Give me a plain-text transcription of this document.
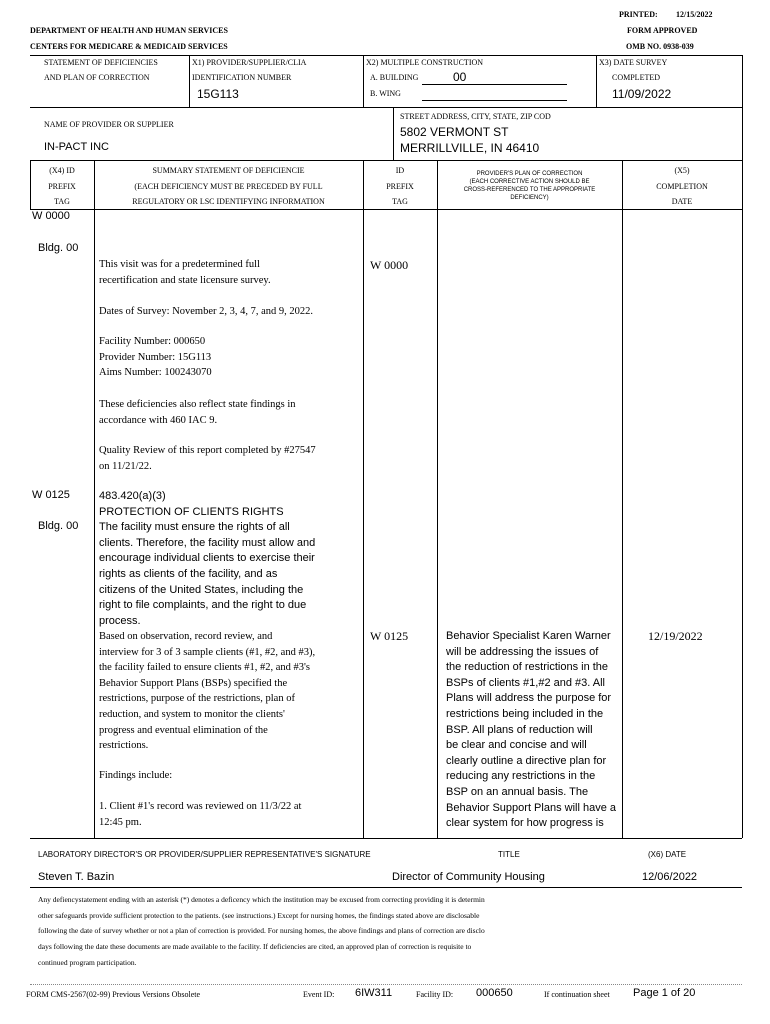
PRINTED: 12/15/2022
DEPARTMENT OF HEALTH AND HUMAN SERVICES	FORM APPROVED
CENTERS FOR MEDICARE & MEDICAID SERVICES	OMB NO. 0938-039
STATEMENT OF DEFICIENCIES
AND PLAN OF CORRECTION
X1) PROVIDER/SUPPLIER/CLIA
IDENTIFICATION NUMBER
15G113
X2) MULTIPLE CONSTRUCTION
A. BUILDING	00
B. WING
X3) DATE SURVEY
COMPLETED
11/09/2022
NAME OF PROVIDER OR SUPPLIER
IN-PACT INC
STREET ADDRESS, CITY, STATE, ZIP COD
5802 VERMONT ST
MERRILLVILLE, IN 46410
(X4) ID
PREFIX
TAG
SUMMARY STATEMENT OF DEFICIENCIE
(EACH DEFICIENCY MUST BE PRECEDED BY FULL
REGULATORY OR LSC IDENTIFYING INFORMATION
ID
PREFIX
TAG
PROVIDER'S PLAN OF CORRECTION
(EACH CORRECTIVE ACTION SHOULD BE
CROSS-REFERENCED TO THE APPROPRIATE
DEFICIENCY)
(X5)
COMPLETION
DATE
W 0000
Bldg. 00
This visit was for a predetermined full
recertification and state licensure survey.
Dates of Survey: November 2, 3, 4, 7, and 9, 2022.
Facility Number: 000650
Provider Number: 15G113
Aims Number: 100243070
These deficiencies also reflect state findings in
accordance with 460 IAC 9.
Quality Review of this report completed by #27547
on 11/21/22.
W 0000
W 0125
Bldg. 00
483.420(a)(3)
PROTECTION OF CLIENTS RIGHTS
The facility must ensure the rights of all
clients. Therefore, the facility must allow and
encourage individual clients to exercise their
rights as clients of the facility, and as
citizens of the United States, including the
right to file complaints, and the right to due
process.
Based on observation, record review, and
interview for 3 of 3 sample clients (#1, #2, and #3),
the facility failed to ensure clients #1, #2, and #3's
Behavior Support Plans (BSPs) specified the
restrictions, purpose of the restrictions, plan of
reduction, and system to monitor the clients'
progress and eventual elimination of the
restrictions.
Findings include:
1. Client #1's record was reviewed on 11/3/22 at
12:45 pm.
W 0125	Behavior Specialist Karen Warner
will be addressing the issues of
the reduction of restrictions in the
BSPs of clients #1,#2 and #3. All
Plans will address the purpose for
restrictions being included in the
BSP. All plans of reduction will
be clear and concise and will
clearly outline a directive plan for
reducing any restrictions in the
BSP on an annual basis. The
Behavior Support Plans will have a
clear system for how progress is
12/19/2022
LABORATORY DIRECTOR'S OR PROVIDER/SUPPLIER REPRESENTATIVE'S SIGNATURE	TITLE	(X6) DATE
Steven T. Bazin	Director of Community Housing	12/06/2022
Any defiencystatement ending with an asterisk (*) denotes a deficency which the institution may be excused from correcting providing it is determin
other safeguards provide sufficient protection to the patients. (see instructions.) Except for nursing homes, the findings stated above are disclosable
following the date of survey whether or not a plan of correction is provided. For nursing homes, the above findings and plans of correction are disclo
days following the date these documents are made available to the facility. If deficiencies are cited, an approved plan of correction is requisite to
continued program participation.
FORM CMS-2567(02-99) Previous Versions Obsolete	Event ID: 6IW311	Facility ID: 000650	If continuation sheet Page 1 of 20
